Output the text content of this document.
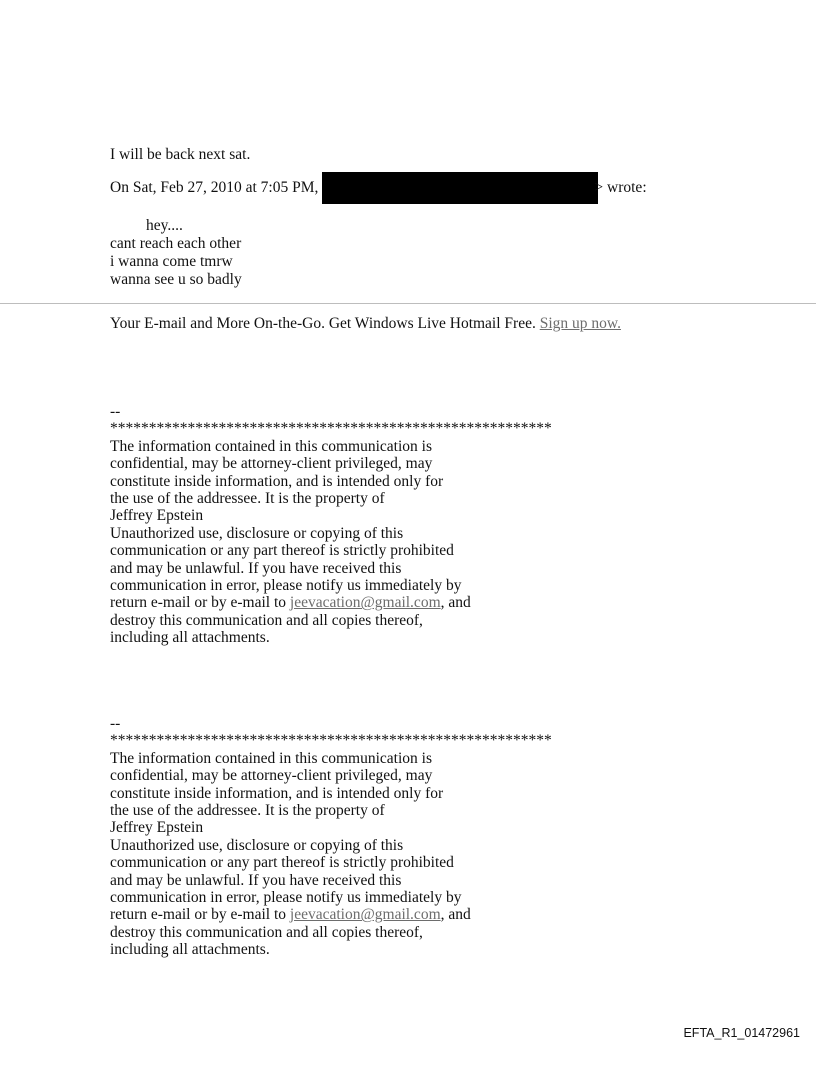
I will be back next sat.
On Sat, Feb 27, 2010 at 7:05 PM,	> wrote:
hey....
cant reach each other
i wanna come tmrw
wanna see u so badly
Your E-mail and More On-the-Go. Get Windows Live Hotmail Free. Sign up now.
--
*********************************************************
The information contained in this communication is
confidential, may be attorney-client privileged, may
constitute inside information, and is intended only for
the use of the addressee. It is the property of
Jeffrey Epstein
Unauthorized use, disclosure or copying of this
communication or any part thereof is strictly prohibited
and may be unlawful. If you have received this
communication in error, please notify us immediately by
return e-mail or by e-mail to jeevacation@gmail.com, and
destroy this communication and all copies thereof,
including all attachments.
--
*********************************************************
The information contained in this communication is
confidential, may be attorney-client privileged, may
constitute inside information, and is intended only for
the use of the addressee. It is the property of
Jeffrey Epstein
Unauthorized use, disclosure or copying of this
communication or any part thereof is strictly prohibited
and may be unlawful. If you have received this
communication in error, please notify us immediately by
return e-mail or by e-mail to jeevacation@gmail.com, and
destroy this communication and all copies thereof,
including all attachments.
EFTA_R1_01472961
